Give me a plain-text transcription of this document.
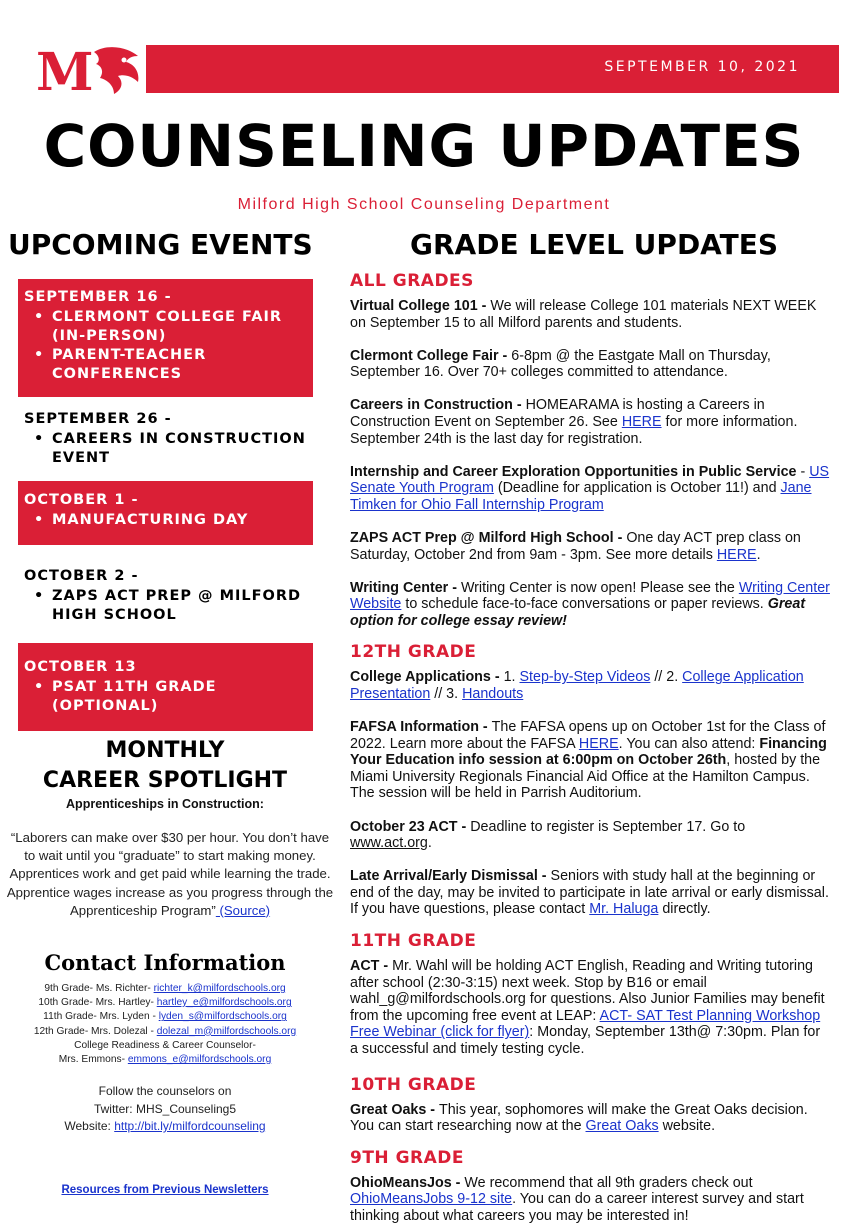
M	SEPTEMBER 10, 2021
COUNSELING UPDATES
Milford High School Counseling Department
UPCOMING EVENTS
SEPTEMBER 16 -
• CLERMONT COLLEGE FAIR (IN-PERSON)
• PARENT-TEACHER CONFERENCES
SEPTEMBER 26 -
• CAREERS IN CONSTRUCTION EVENT
OCTOBER 1 -
• MANUFACTURING DAY
OCTOBER 2 -
• ZAPS ACT PREP @ MILFORD HIGH SCHOOL
OCTOBER 13
• PSAT 11TH GRADE (OPTIONAL)
MONTHLY
CAREER SPOTLIGHT
Apprenticeships in Construction:
“Laborers can make over $30 per hour. You don’t have to wait until you “graduate” to start making money. Apprentices work and get paid while learning the trade. Apprentice wages increase as you progress through the Apprenticeship Program” (Source)
Contact Information
9th Grade- Ms. Richter- richter_k@milfordschools.org
10th Grade- Mrs. Hartley- hartley_e@milfordschools.org
11th Grade- Mrs. Lyden - lyden_s@milfordschools.org
12th Grade- Mrs. Dolezal - dolezal_m@milfordschools.org
College Readiness & Career Counselor-
Mrs. Emmons- emmons_e@milfordschools.org
Follow the counselors on
Twitter: MHS_Counseling5
Website: http://bit.ly/milfordcounseling
Resources from Previous Newsletters
GRADE LEVEL UPDATES
ALL GRADES
Virtual College 101 - We will release College 101 materials NEXT WEEK on September 15 to all Milford parents and students.
Clermont College Fair - 6-8pm @ the Eastgate Mall on Thursday, September 16. Over 70+ colleges committed to attendance.
Careers in Construction - HOMEARAMA is hosting a Careers in Construction Event on September 26. See HERE for more information. September 24th is the last day for registration.
Internship and Career Exploration Opportunities in Public Service - US Senate Youth Program (Deadline for application is October 11!) and Jane Timken for Ohio Fall Internship Program
ZAPS ACT Prep @ Milford High School - One day ACT prep class on Saturday, October 2nd from 9am - 3pm. See more details HERE.
Writing Center - Writing Center is now open! Please see the Writing Center Website to schedule face-to-face conversations or paper reviews. Great option for college essay review!
12TH GRADE
College Applications - 1. Step-by-Step Videos // 2. College Application Presentation // 3. Handouts
FAFSA Information - The FAFSA opens up on October 1st for the Class of 2022. Learn more about the FAFSA HERE. You can also attend: Financing Your Education info session at 6:00pm on October 26th, hosted by the Miami University Regionals Financial Aid Office at the Hamilton Campus. The session will be held in Parrish Auditorium.
October 23 ACT - Deadline to register is September 17. Go to www.act.org.
Late Arrival/Early Dismissal - Seniors with study hall at the beginning or end of the day, may be invited to participate in late arrival or early dismissal. If you have questions, please contact Mr. Haluga directly.
11TH GRADE
ACT - Mr. Wahl will be holding ACT English, Reading and Writing tutoring after school (2:30-3:15) next week. Stop by B16 or email wahl_g@milfordschools.org for questions. Also Junior Families may benefit from the upcoming free event at LEAP: ACT- SAT Test Planning Workshop Free Webinar (click for flyer): Monday, September 13th@ 7:30pm. Plan for a successful and timely testing cycle.
10TH GRADE
Great Oaks - This year, sophomores will make the Great Oaks decision. You can start researching now at the Great Oaks website.
9TH GRADE
OhioMeansJos - We recommend that all 9th graders check out OhioMeansJobs 9-12 site. You can do a career interest survey and start thinking about what careers you may be interested in!
